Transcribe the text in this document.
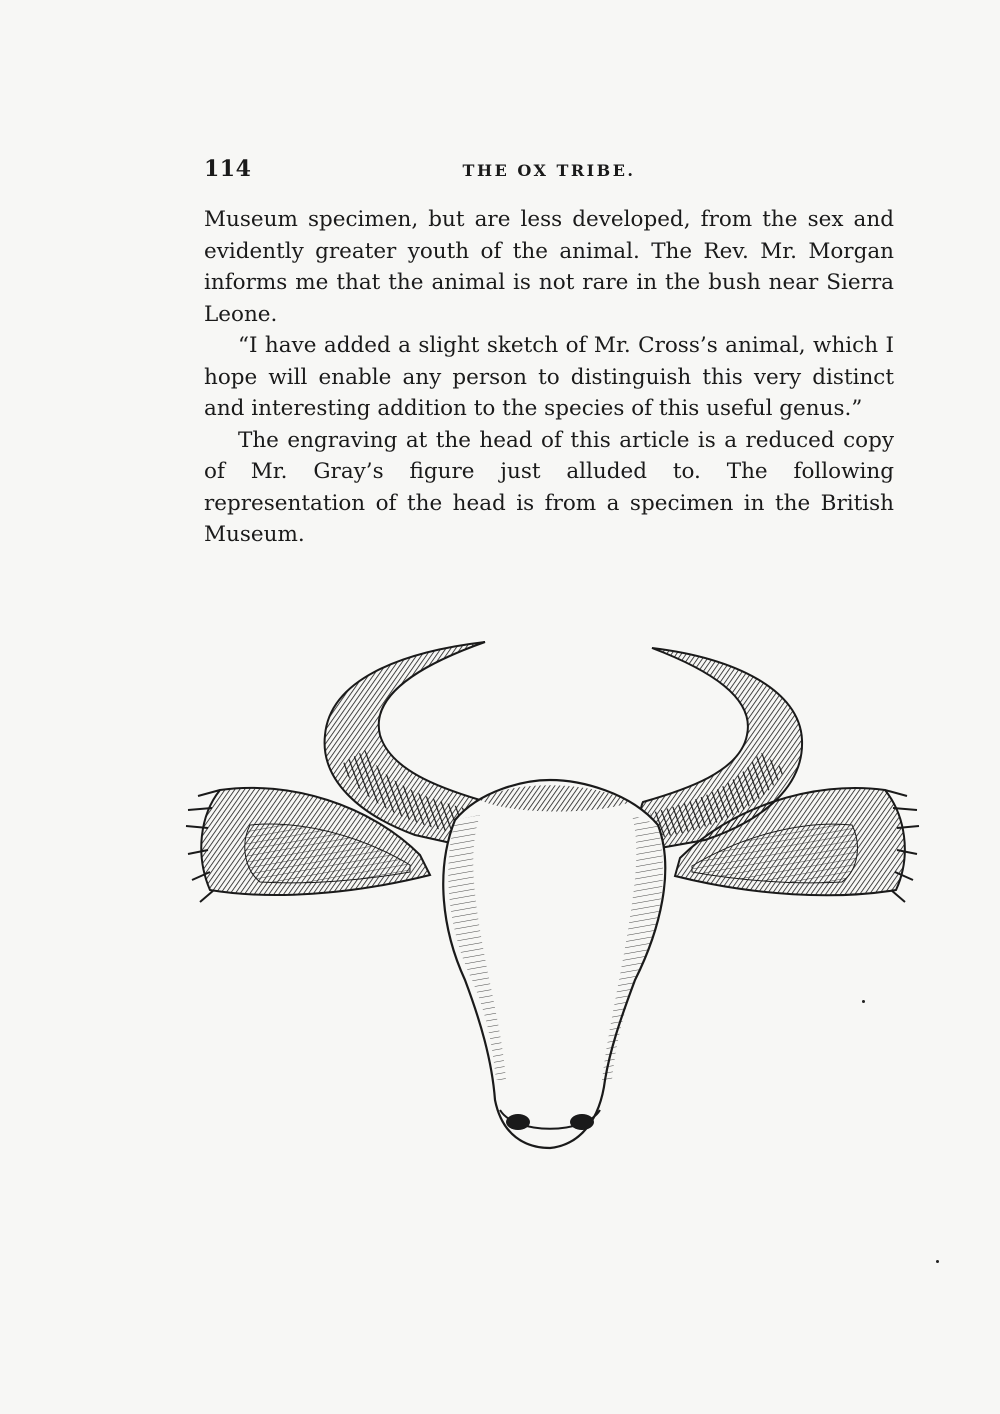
114	THE OX TRIBE.

Museum specimen, but are less developed, from the sex and evidently greater youth of the animal. The Rev. Mr. Morgan informs me that the animal is not rare in the bush near Sierra Leone.

“I have added a slight sketch of Mr. Cross’s animal, which I hope will enable any person to distinguish this very distinct and interesting addition to the species of this useful genus.”

The engraving at the head of this article is a reduced copy of Mr. Gray’s figure just alluded to. The following representation of the head is from a specimen in the British Museum.
